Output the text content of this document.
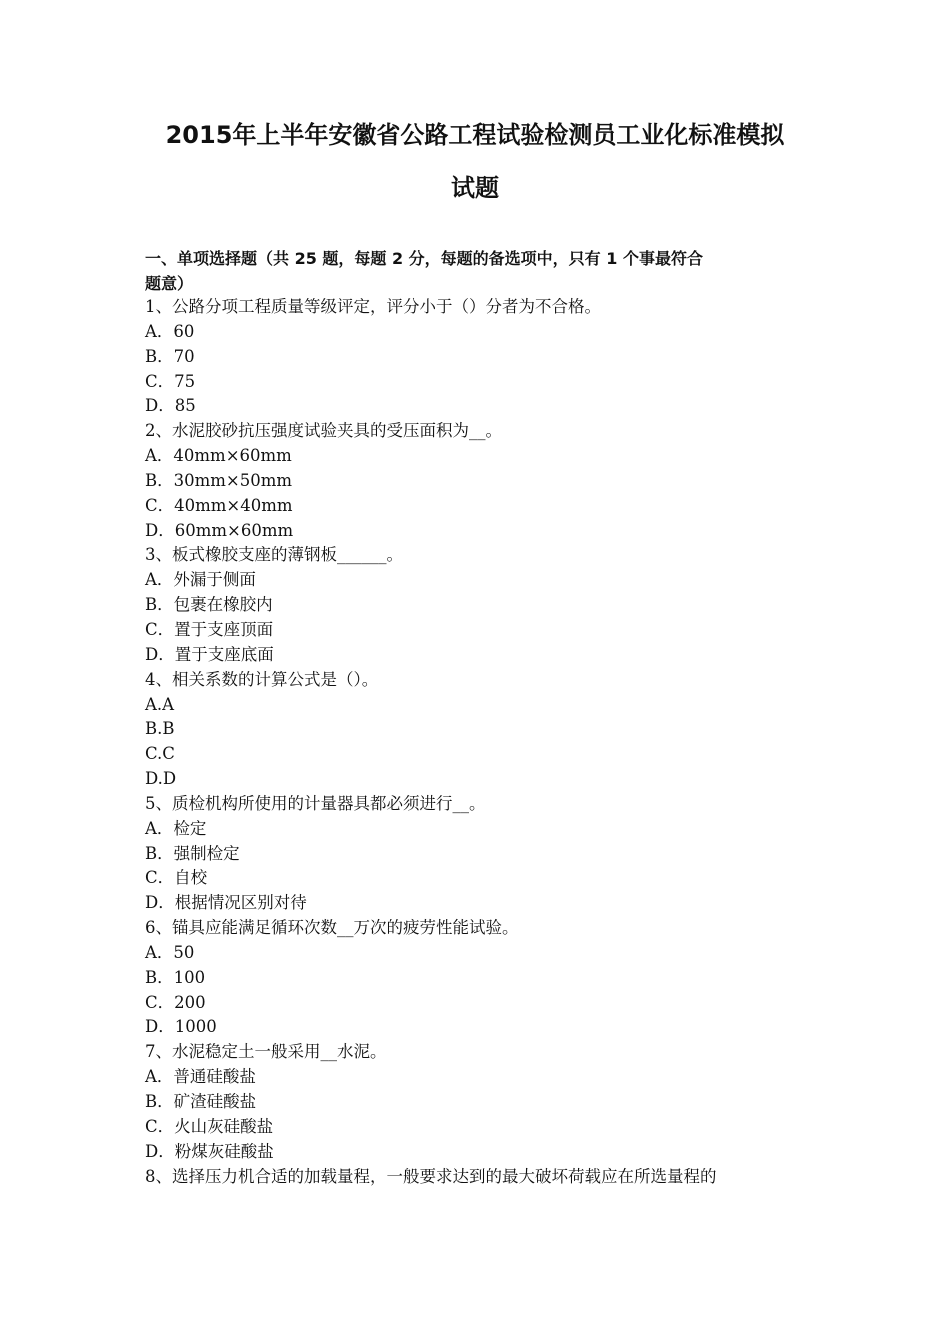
2015年上半年安徽省公路工程试验检测员工业化标准模拟
试题
一、单项选择题（共 25 题，每题 2 分，每题的备选项中，只有 1 个事最符合
题意）
1、公路分项工程质量等级评定，评分小于（）分者为不合格。
A．60
B．70
C．75
D．85
2、水泥胶砂抗压强度试验夹具的受压面积为__。
A．40mm×60mm
B．30mm×50mm
C．40mm×40mm
D．60mm×60mm
3、板式橡胶支座的薄钢板______。
A．外漏于侧面
B．包裹在橡胶内
C．置于支座顶面
D．置于支座底面
4、相关系数的计算公式是（）。
A.A
B.B
C.C
D.D
5、质检机构所使用的计量器具都必须进行__。
A．检定
B．强制检定
C．自校
D．根据情况区别对待
6、锚具应能满足循环次数__万次的疲劳性能试验。
A．50
B．100
C．200
D．1000
7、水泥稳定土一般采用__水泥。
A．普通硅酸盐
B．矿渣硅酸盐
C．火山灰硅酸盐
D．粉煤灰硅酸盐
8、选择压力机合适的加载量程，一般要求达到的最大破坏荷载应在所选量程的
